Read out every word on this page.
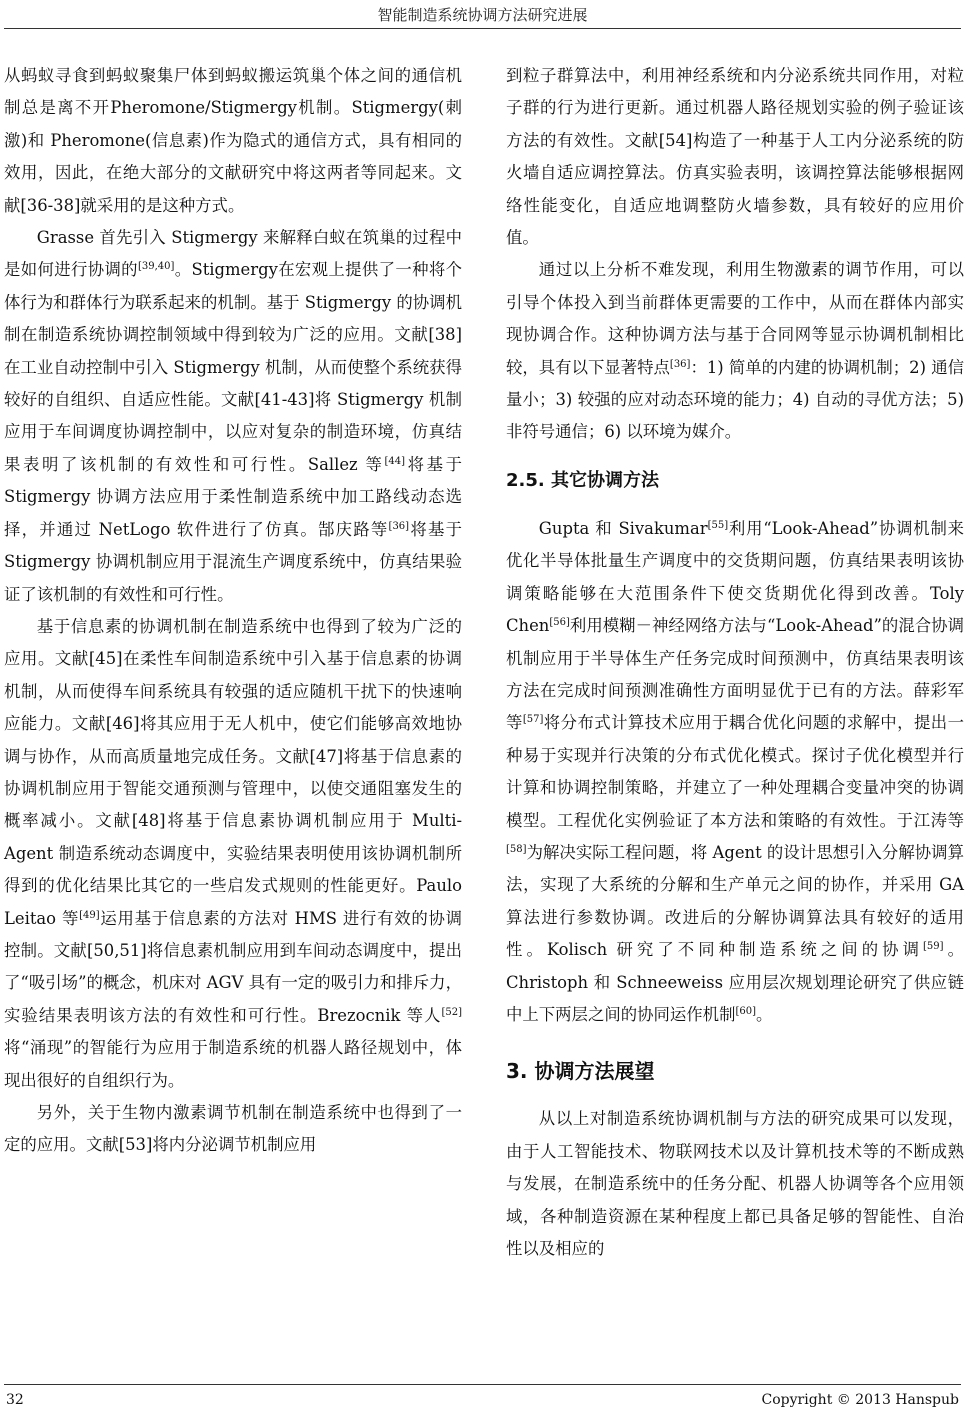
智能制造系统协调方法研究进展

从蚂蚁寻食到蚂蚁聚集尸体到蚂蚁搬运筑巢个体之间的通信机制总是离不开Pheromone/Stigmergy机制。Stigmergy(刺激)和 Pheromone(信息素)作为隐式的通信方式，具有相同的效用，因此，在绝大部分的文献研究中将这两者等同起来。文献[36-38]就采用的是这种方式。

Grasse 首先引入 Stigmergy 来解释白蚁在筑巢的过程中是如何进行协调的[39,40]。Stigmergy在宏观上提供了一种将个体行为和群体行为联系起来的机制。基于 Stigmergy 的协调机制在制造系统协调控制领域中得到较为广泛的应用。文献[38]在工业自动控制中引入 Stigmergy 机制，从而使整个系统获得较好的自组织、自适应性能。文献[41-43]将 Stigmergy 机制应用于车间调度协调控制中，以应对复杂的制造环境，仿真结果表明了该机制的有效性和可行性。Sallez 等[44]将基于 Stigmergy 协调方法应用于柔性制造系统中加工路线动态选择，并通过 NetLogo 软件进行了仿真。郜庆路等[36]将基于 Stigmergy 协调机制应用于混流生产调度系统中，仿真结果验证了该机制的有效性和可行性。

基于信息素的协调机制在制造系统中也得到了较为广泛的应用。文献[45]在柔性车间制造系统中引入基于信息素的协调机制，从而使得车间系统具有较强的适应随机干扰下的快速响应能力。文献[46]将其应用于无人机中，使它们能够高效地协调与协作，从而高质量地完成任务。文献[47]将基于信息素的协调机制应用于智能交通预测与管理中，以使交通阻塞发生的概率减小。文献[48]将基于信息素协调机制应用于 Multi-Agent 制造系统动态调度中，实验结果表明使用该协调机制所得到的优化结果比其它的一些启发式规则的性能更好。Paulo Leitao 等[49]运用基于信息素的方法对 HMS 进行有效的协调控制。文献[50,51]将信息素机制应用到车间动态调度中，提出了“吸引场”的概念，机床对 AGV 具有一定的吸引力和排斥力，实验结果表明该方法的有效性和可行性。Brezocnik 等人[52]将“涌现”的智能行为应用于制造系统的机器人路径规划中，体现出很好的自组织行为。

另外，关于生物内激素调节机制在制造系统中也得到了一定的应用。文献[53]将内分泌调节机制应用

到粒子群算法中，利用神经系统和内分泌系统共同作用，对粒子群的行为进行更新。通过机器人路径规划实验的例子验证该方法的有效性。文献[54]构造了一种基于人工内分泌系统的防火墙自适应调控算法。仿真实验表明，该调控算法能够根据网络性能变化，自适应地调整防火墙参数，具有较好的应用价值。

通过以上分析不难发现，利用生物激素的调节作用，可以引导个体投入到当前群体更需要的工作中，从而在群体内部实现协调合作。这种协调方法与基于合同网等显示协调机制相比较，具有以下显著特点[36]：1) 简单的内建的协调机制；2) 通信量小；3) 较强的应对动态环境的能力；4) 自动的寻优方法；5) 非符号通信；6) 以环境为媒介。

2.5. 其它协调方法

Gupta 和 Sivakumar[55]利用“Look-Ahead”协调机制来优化半导体批量生产调度中的交货期问题，仿真结果表明该协调策略能够在大范围条件下使交货期优化得到改善。Toly Chen[56]利用模糊－神经网络方法与“Look-Ahead”的混合协调机制应用于半导体生产任务完成时间预测中，仿真结果表明该方法在完成时间预测准确性方面明显优于已有的方法。薛彩军等[57]将分布式计算技术应用于耦合优化问题的求解中，提出一种易于实现并行决策的分布式优化模式。探讨子优化模型并行计算和协调控制策略，并建立了一种处理耦合变量冲突的协调模型。工程优化实例验证了本方法和策略的有效性。于江涛等[58]为解决实际工程问题，将 Agent 的设计思想引入分解协调算法，实现了大系统的分解和生产单元之间的协作，并采用 GA 算法进行参数协调。改进后的分解协调算法具有较好的适用性。Kolisch 研究了不同种制造系统之间的协调[59]。Christoph 和 Schneeweiss 应用层次规划理论研究了供应链中上下两层之间的协同运作机制[60]。

3. 协调方法展望

从以上对制造系统协调机制与方法的研究成果可以发现，由于人工智能技术、物联网技术以及计算机技术等的不断成熟与发展，在制造系统中的任务分配、机器人协调等各个应用领域，各种制造资源在某种程度上都已具备足够的智能性、自治性以及相应的

32	Copyright © 2013 Hanspub
